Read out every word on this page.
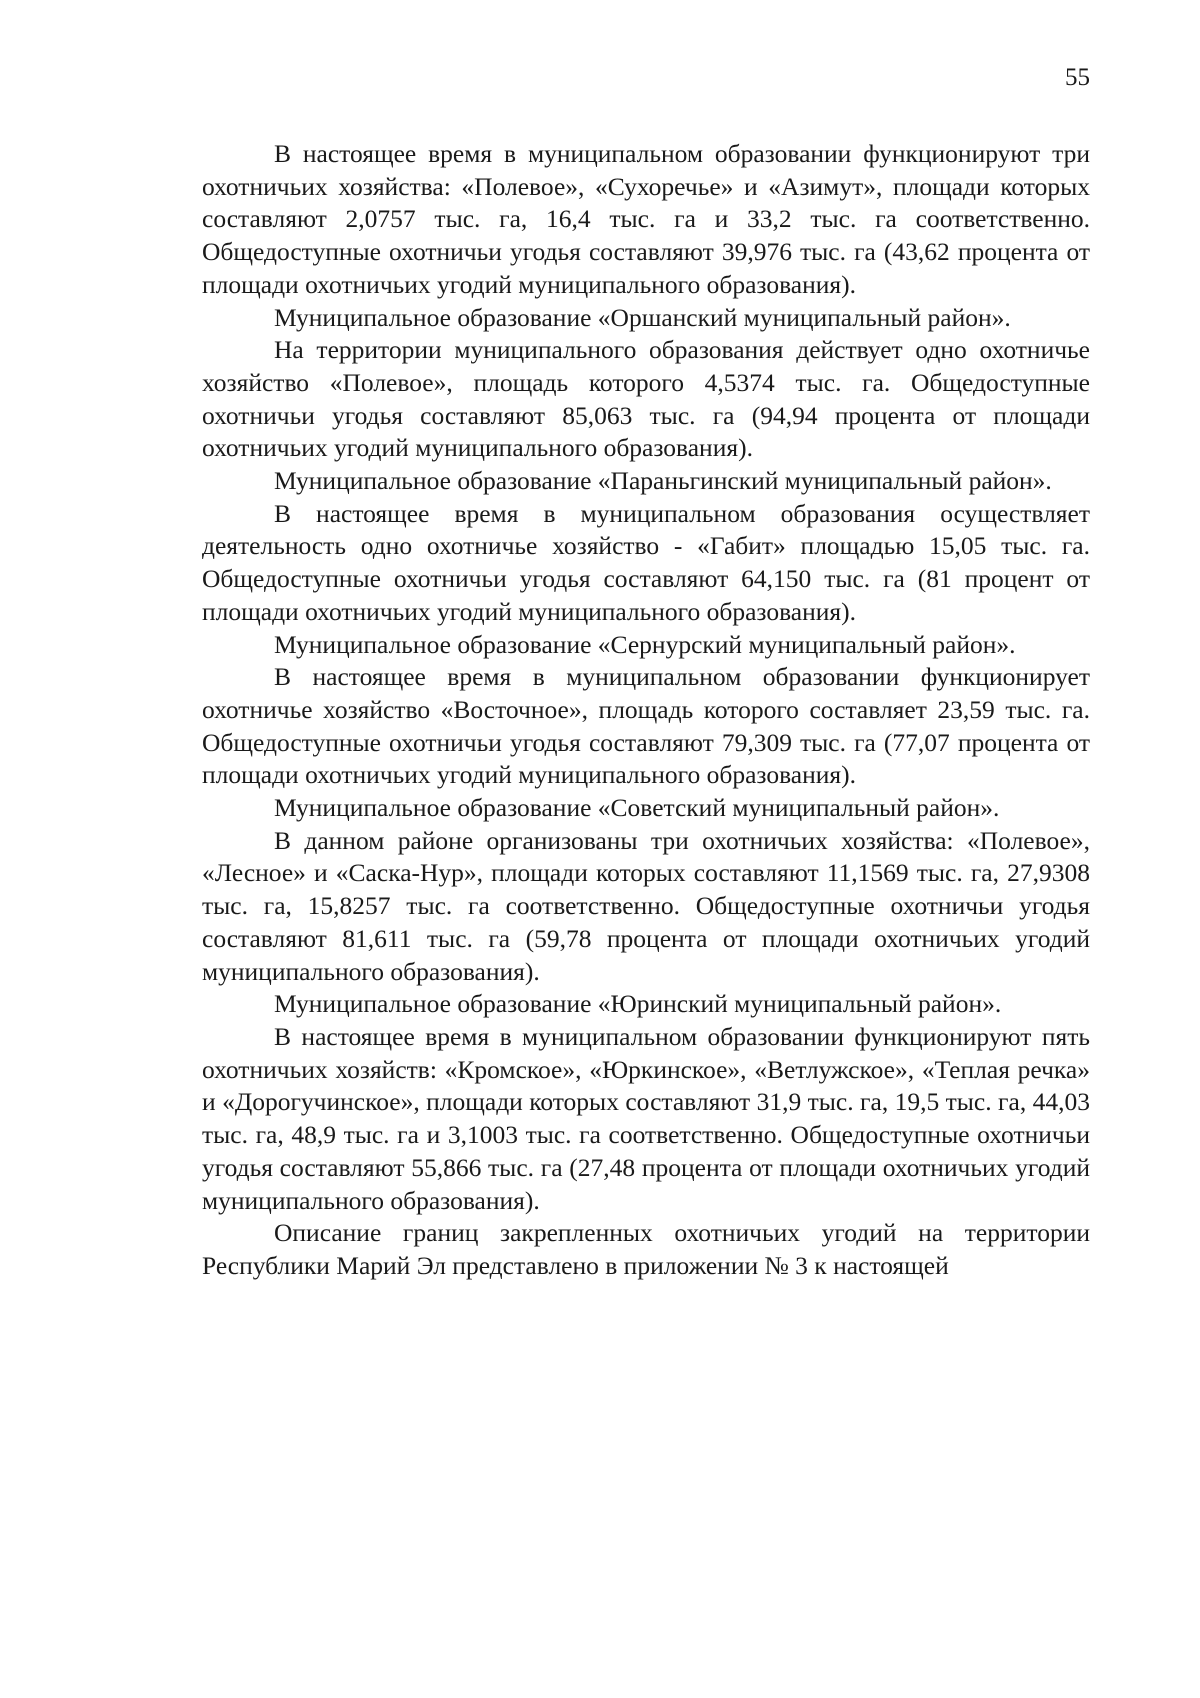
55

В настоящее время в муниципальном образовании функционируют три охотничьих хозяйства: «Полевое», «Сухоречье» и «Азимут», площади которых составляют 2,0757 тыс. га, 16,4 тыс. га и 33,2 тыс. га соответственно. Общедоступные охотничьи угодья составляют 39,976 тыс. га (43,62 процента от площади охотничьих угодий муниципального образования).

Муниципальное образование «Оршанский муниципальный район».

На территории муниципального образования действует одно охотничье хозяйство «Полевое», площадь которого 4,5374 тыс. га. Общедоступные охотничьи угодья составляют 85,063 тыс. га (94,94 процента от площади охотничьих угодий муниципального образования).

Муниципальное образование «Параньгинский муниципальный район».

В настоящее время в муниципальном образования осуществляет деятельность одно охотничье хозяйство - «Габит» площадью 15,05 тыс. га. Общедоступные охотничьи угодья составляют 64,150 тыс. га (81 процент от площади охотничьих угодий муниципального образования).

Муниципальное образование «Сернурский муниципальный район».

В настоящее время в муниципальном образовании функционирует охотничье хозяйство «Восточное», площадь которого составляет 23,59 тыс. га. Общедоступные охотничьи угодья составляют 79,309 тыс. га (77,07 процента от площади охотничьих угодий муниципального образования).

Муниципальное образование «Советский муниципальный район».

В данном районе организованы три охотничьих хозяйства: «Полевое», «Лесное» и «Саска-Нур», площади которых составляют 11,1569 тыс. га, 27,9308 тыс. га, 15,8257 тыс. га соответственно. Общедоступные охотничьи угодья составляют 81,611 тыс. га (59,78 процента от площади охотничьих угодий муниципального образования).

Муниципальное образование «Юринский муниципальный район».

В настоящее время в муниципальном образовании функционируют пять охотничьих хозяйств: «Кромское», «Юркинское», «Ветлужское», «Теплая речка» и «Дорогучинское», площади которых составляют 31,9 тыс. га, 19,5 тыс. га, 44,03 тыс. га, 48,9 тыс. га и 3,1003 тыс. га соответственно. Общедоступные охотничьи угодья составляют 55,866 тыс. га (27,48 процента от площади охотничьих угодий муниципального образования).

Описание границ закрепленных охотничьих угодий на территории Республики Марий Эл представлено в приложении № 3 к настоящей
